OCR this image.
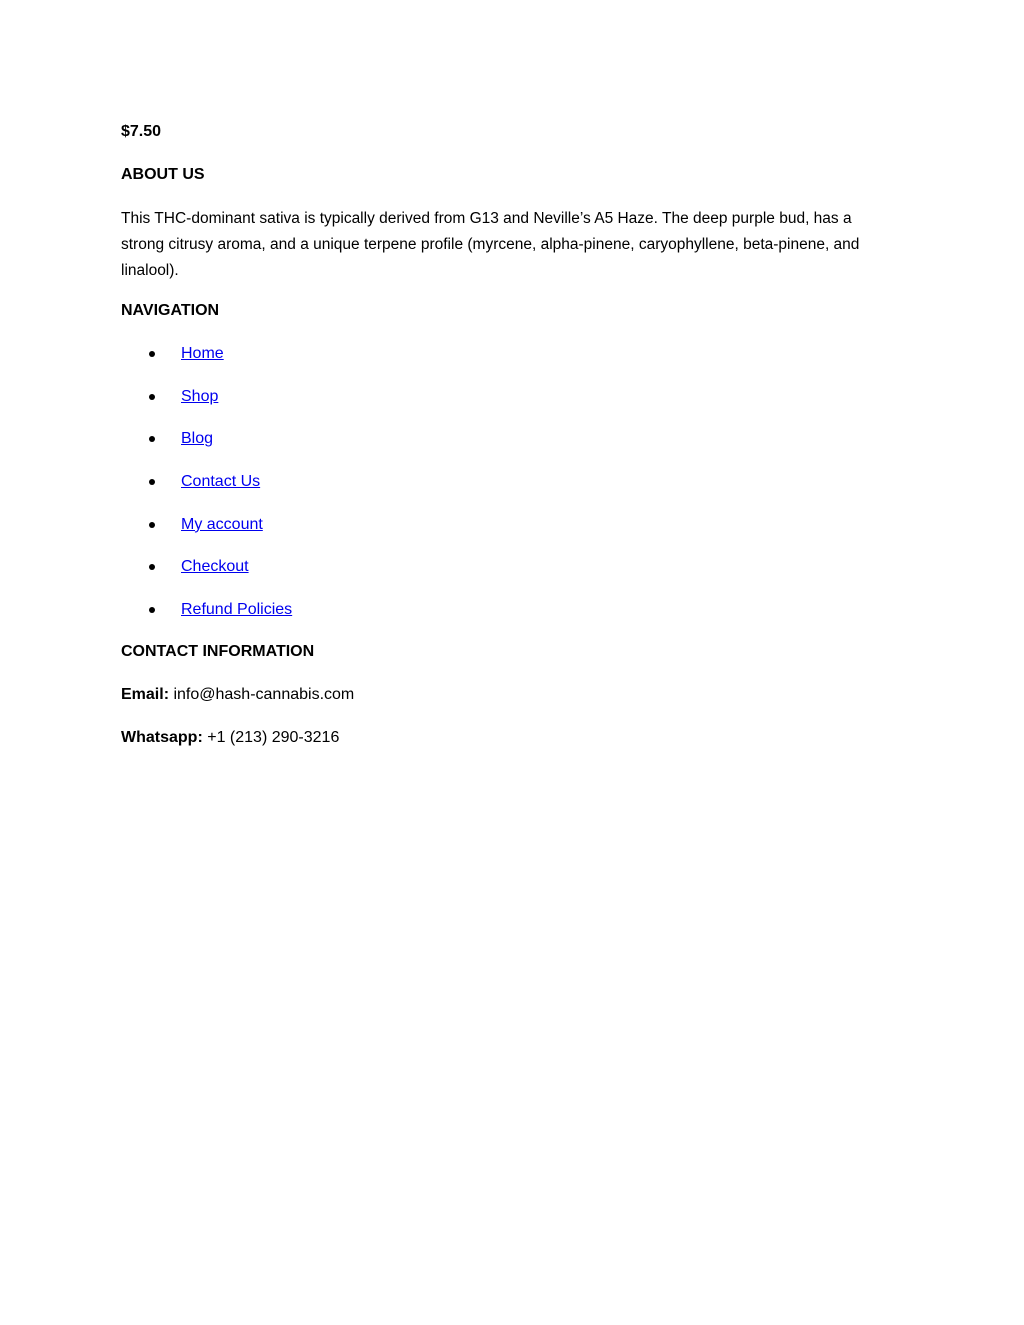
$7.50

ABOUT US

This THC-dominant sativa is typically derived from G13 and Neville’s A5 Haze. The deep purple bud, has a strong citrusy aroma, and a unique terpene profile (myrcene, alpha-pinene, caryophyllene, beta-pinene, and linalool).

NAVIGATION
Home
Shop
Blog
Contact Us
My account
Checkout
Refund Policies
CONTACT INFORMATION

Email: info@hash-cannabis.com

Whatsapp: +1 (213) 290-3216
